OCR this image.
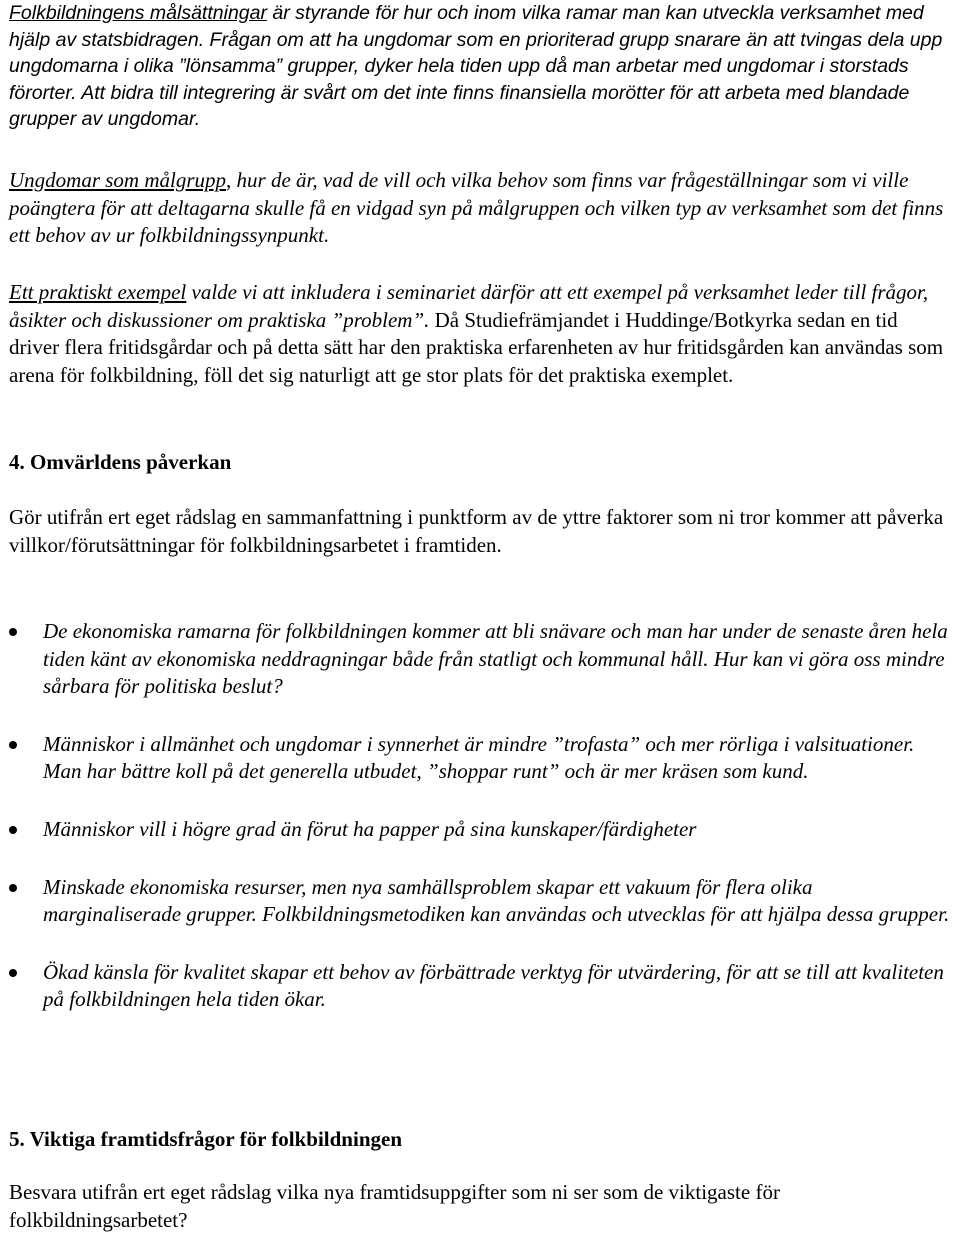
Folkbildningens målsättningar är styrande för hur och inom vilka ramar man kan utveckla verksamhet med hjälp av statsbidragen. Frågan om att ha ungdomar som en prioriterad grupp snarare än att tvingas dela upp ungdomarna i olika ”lönsamma” grupper, dyker hela tiden upp då man arbetar med ungdomar i storstads förorter. Att bidra till integrering är svårt om det inte finns finansiella morötter för att arbeta med blandade grupper av ungdomar.

Ungdomar som målgrupp, hur de är, vad de vill och vilka behov som finns var frågeställningar som vi ville poängtera för att deltagarna skulle få en vidgad syn på målgruppen och vilken typ av verksamhet som det finns ett behov av ur folkbildningssynpunkt.

Ett praktiskt exempel valde vi att inkludera i seminariet därför att ett exempel på verksamhet leder till frågor, åsikter och diskussioner om praktiska ”problem”. Då Studiefrämjandet i Huddinge/Botkyrka sedan en tid driver flera fritidsgårdar och på detta sätt har den praktiska erfarenheten av hur fritidsgården kan användas som arena för folkbildning, föll det sig naturligt att ge stor plats för det praktiska exemplet.

4. Omvärldens påverkan

Gör utifrån ert eget rådslag en sammanfattning i punktform av de yttre faktorer som ni tror kommer att påverka villkor/förutsättningar för folkbildningsarbetet i framtiden.

De ekonomiska ramarna för folkbildningen kommer att bli snävare och man har under de senaste åren hela tiden känt av ekonomiska neddragningar både från statligt och kommunal håll. Hur kan vi göra oss mindre sårbara för politiska beslut?
Människor i allmänhet och ungdomar i synnerhet är mindre ”trofasta” och mer rörliga i valsituationer. Man har bättre koll på det generella utbudet, ”shoppar runt” och är mer kräsen som kund.
Människor vill i högre grad än förut ha papper på sina kunskaper/färdigheter
Minskade ekonomiska resurser, men nya samhällsproblem skapar ett vakuum för flera olika marginaliserade grupper. Folkbildningsmetodiken kan användas och utvecklas för att hjälpa dessa grupper.
Ökad känsla för kvalitet skapar ett behov av förbättrade verktyg för utvärdering, för att se till att kvaliteten på folkbildningen hela tiden ökar.
5. Viktiga framtidsfrågor för folkbildningen

Besvara utifrån ert eget rådslag vilka nya framtidsuppgifter som ni ser som de viktigaste för folkbildningsarbetet?
